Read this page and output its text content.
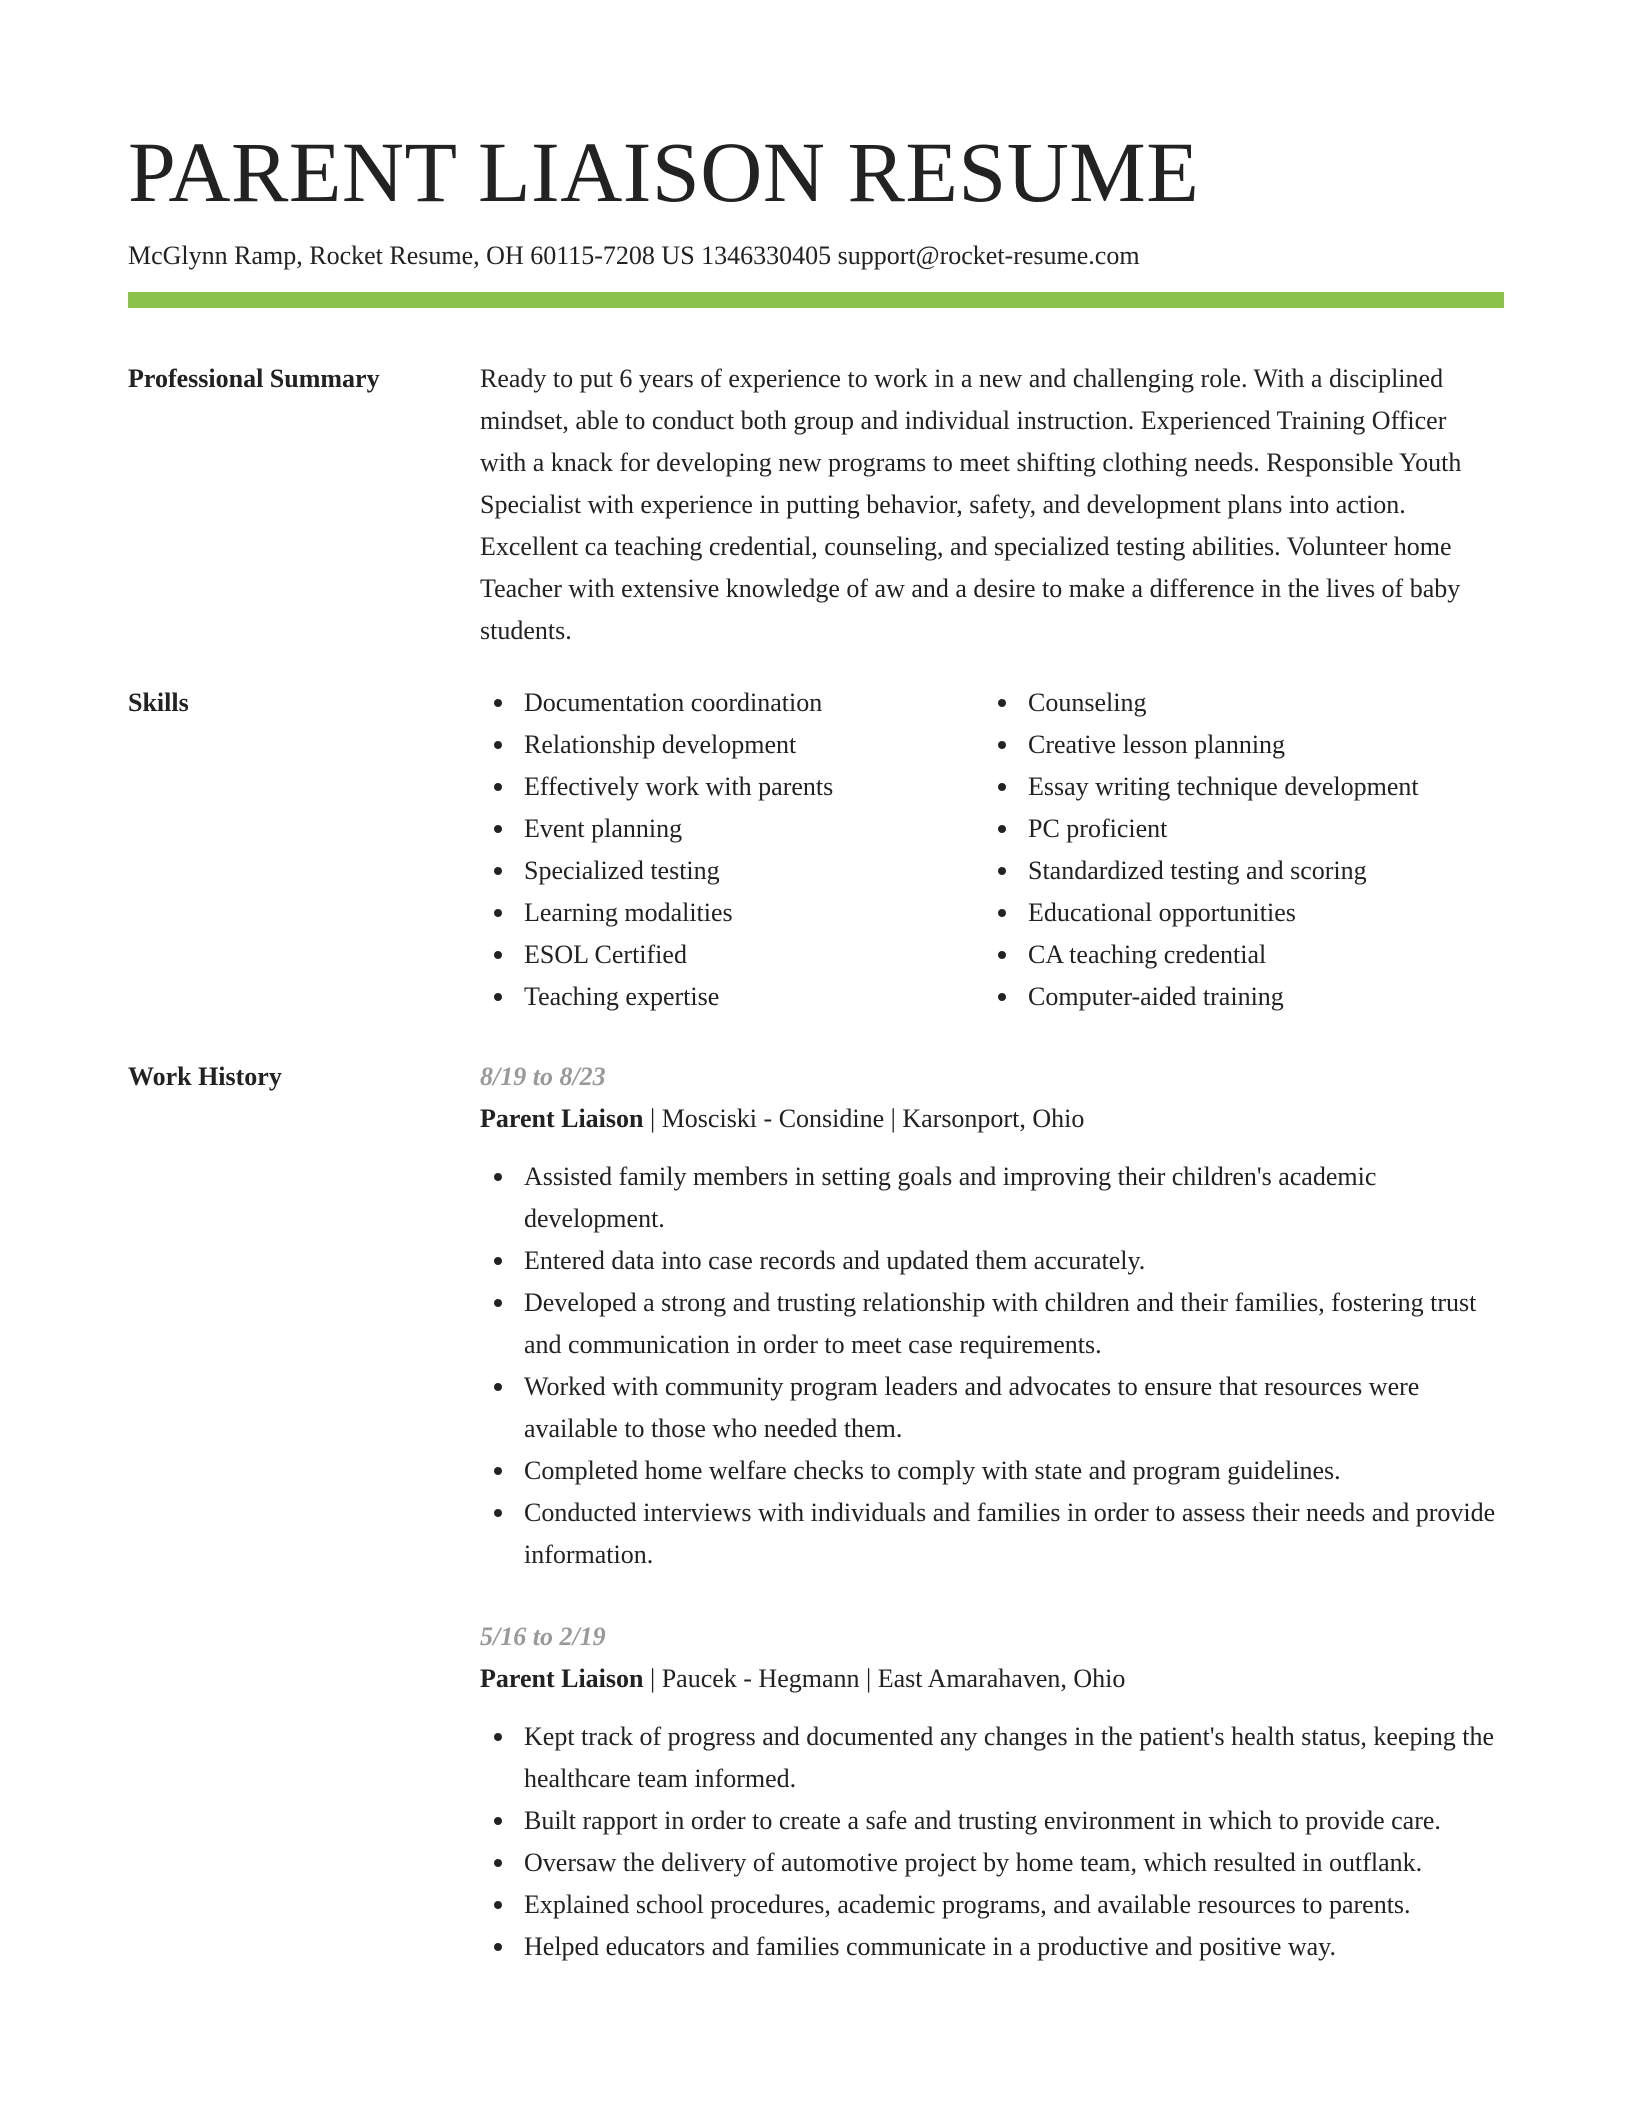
PARENT LIAISON RESUME
McGlynn Ramp, Rocket Resume, OH 60115-7208 US 1346330405 support@rocket-resume.com
Professional Summary	Ready to put 6 years of experience to work in a new and challenging role. With a disciplined mindset, able to conduct both group and individual instruction. Experienced Training Officer with a knack for developing new programs to meet shifting clothing needs. Responsible Youth Specialist with experience in putting behavior, safety, and development plans into action. Excellent ca teaching credential, counseling, and specialized testing abilities. Volunteer home Teacher with extensive knowledge of aw and a desire to make a difference in the lives of baby students.

Skills	Documentation coordination
Relationship development
Effectively work with parents
Event planning
Specialized testing
Learning modalities
ESOL Certified
Teaching expertise
Counseling
Creative lesson planning
Essay writing technique development
PC proficient
Standardized testing and scoring
Educational opportunities
CA teaching credential
Computer-aided training
Work History	8/19 to 8/23
Parent Liaison | Mosciski - Considine | Karsonport, Ohio
Assisted family members in setting goals and improving their children's academic development.
Entered data into case records and updated them accurately.
Developed a strong and trusting relationship with children and their families, fostering trust and communication in order to meet case requirements.
Worked with community program leaders and advocates to ensure that resources were available to those who needed them.
Completed home welfare checks to comply with state and program guidelines.
Conducted interviews with individuals and families in order to assess their needs and provide information.
5/16 to 2/19
Parent Liaison | Paucek - Hegmann | East Amarahaven, Ohio
Kept track of progress and documented any changes in the patient's health status, keeping the healthcare team informed.
Built rapport in order to create a safe and trusting environment in which to provide care.
Oversaw the delivery of automotive project by home team, which resulted in outflank.
Explained school procedures, academic programs, and available resources to parents.
Helped educators and families communicate in a productive and positive way.
